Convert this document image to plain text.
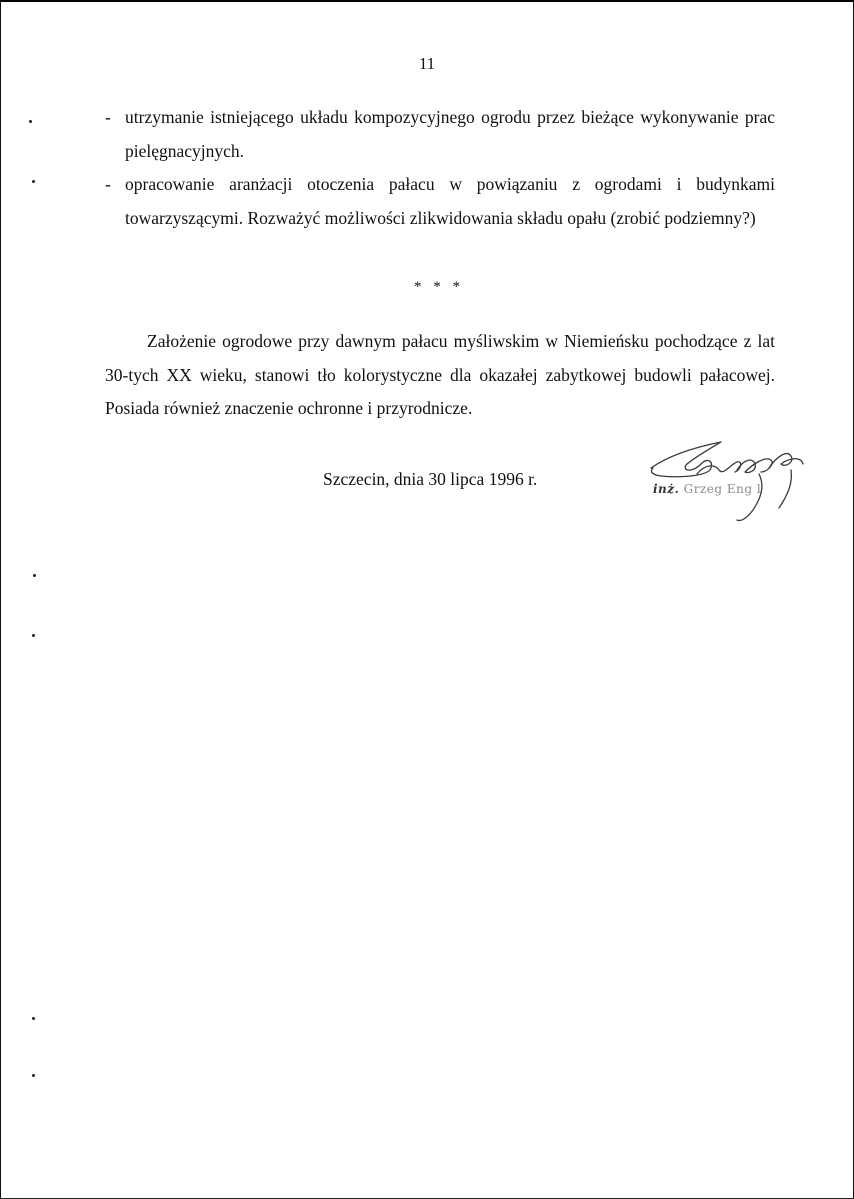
11
- utrzymanie istniejącego układu kompozycyjnego ogrodu przez bieżące wykonywanie prac pielęgnacyjnych.
- opracowanie aranżacji otoczenia pałacu w powiązaniu z ogrodami i budynkami towarzyszącymi. Rozważyć możliwości zlikwidowania składu opału (zrobić podziemny?)
* * *

Założenie ogrodowe przy dawnym pałacu myśliwskim w Niemieńsku pochodzące z lat 30-tych XX wieku, stanowi tło kolorystyczne dla okazałej zabytkowej budowli pałacowej. Posiada również znaczenie ochronne i przyrodnicze.

Szczecin, dnia 30 lipca 1996 r.	inż. Grzeg Eng l
